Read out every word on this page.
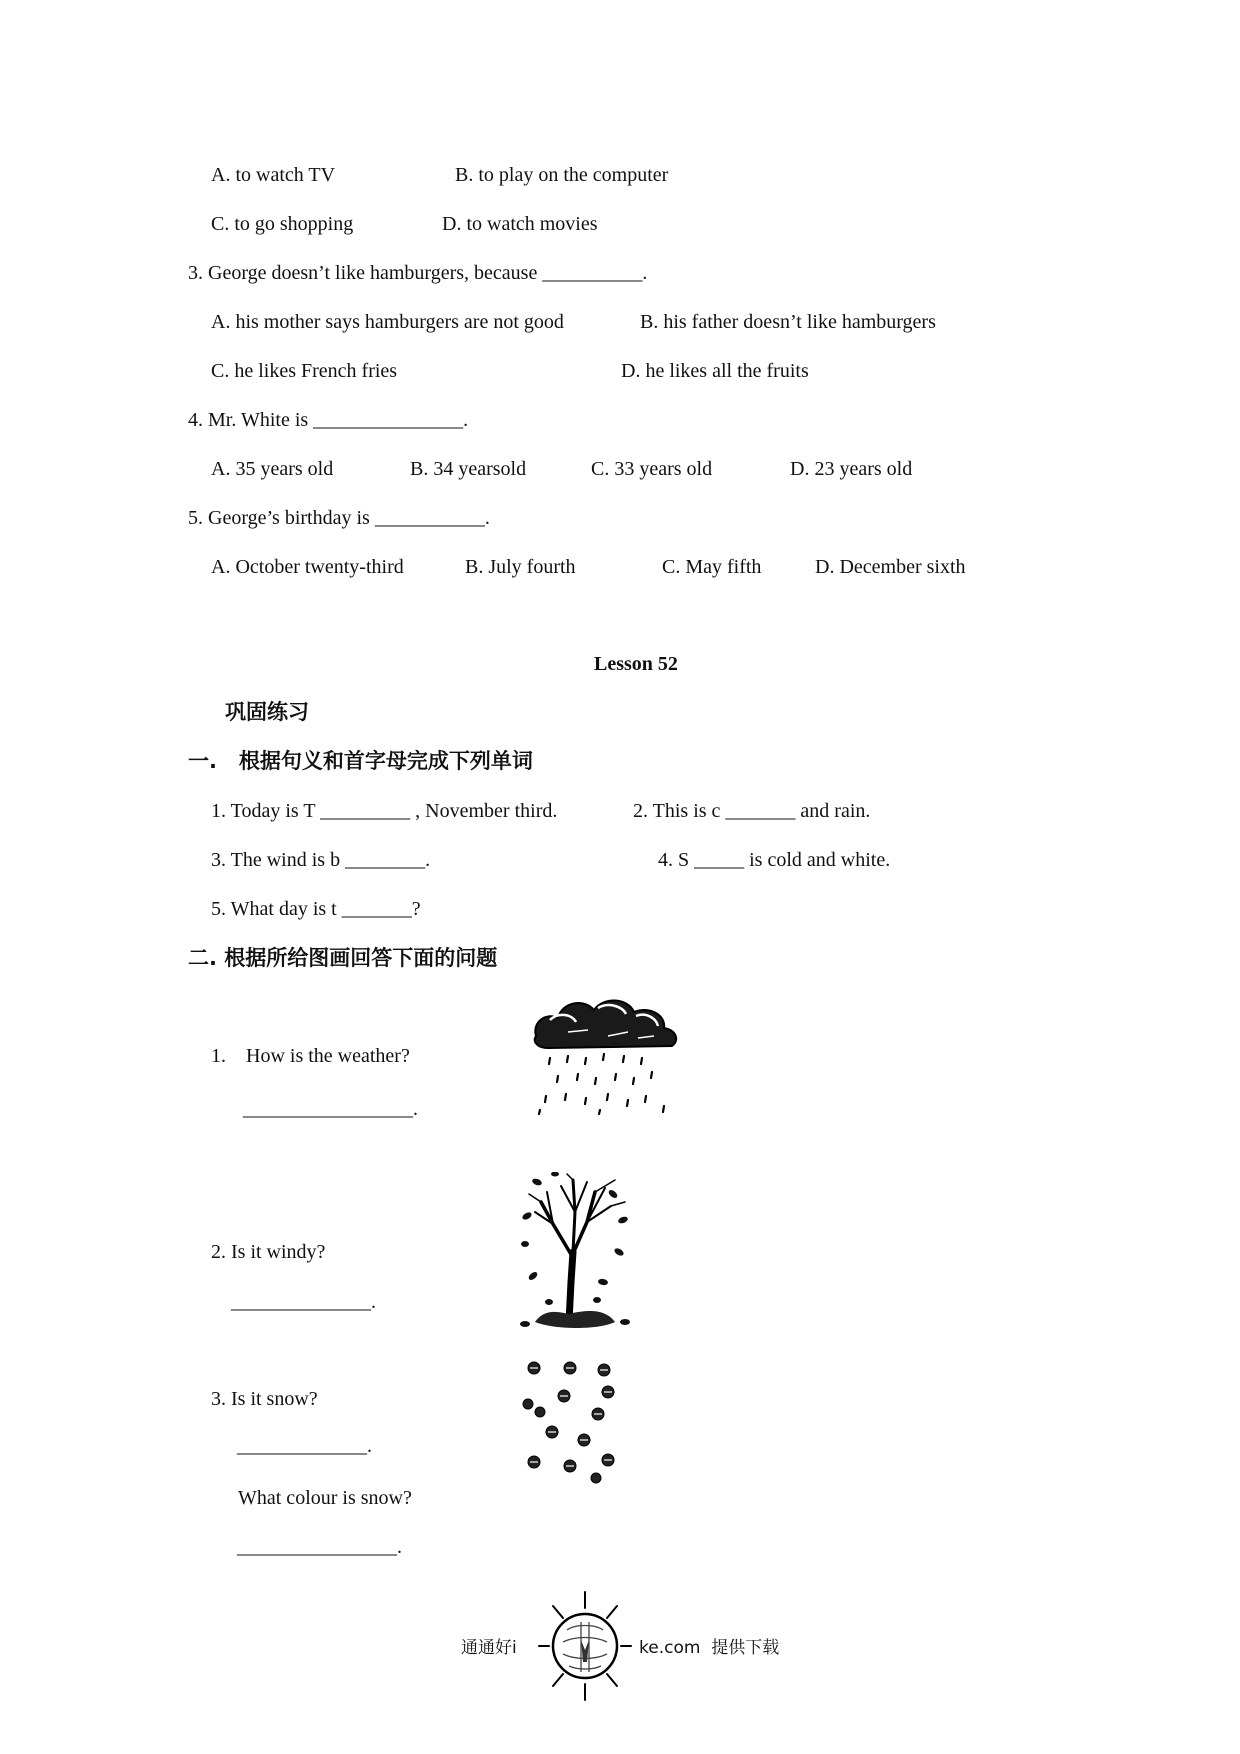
A. to watch TV	B. to play on the computer
C. to go shopping	D. to watch movies
3. George doesn’t like hamburgers, because __________.
A. his mother says hamburgers are not good	B. his father doesn’t like hamburgers
C. he likes French fries	D. he likes all the fruits
4. Mr. White is _______________.
A. 35 years old	B. 34 yearsold	C. 33 years old	D. 23 years old
5. George’s birthday is ___________.
A. October twenty-third	B. July fourth	C. May fifth	D. December sixth
Lesson 52
巩固练习
一.   根据句义和首字母完成下列单词
1. Today is T _________ , November third.	2. This is c _______ and rain.
3. The wind is b ________.	4. S _____ is cold and white.
5. What day is t _______?
二. 根据所给图画回答下面的问题
1.    How is the weather?
_________________.
2. Is it windy?
______________.
3. Is it snow?
_____________.
What colour is snow?
________________.
通通好i	ke.com  提供下载
